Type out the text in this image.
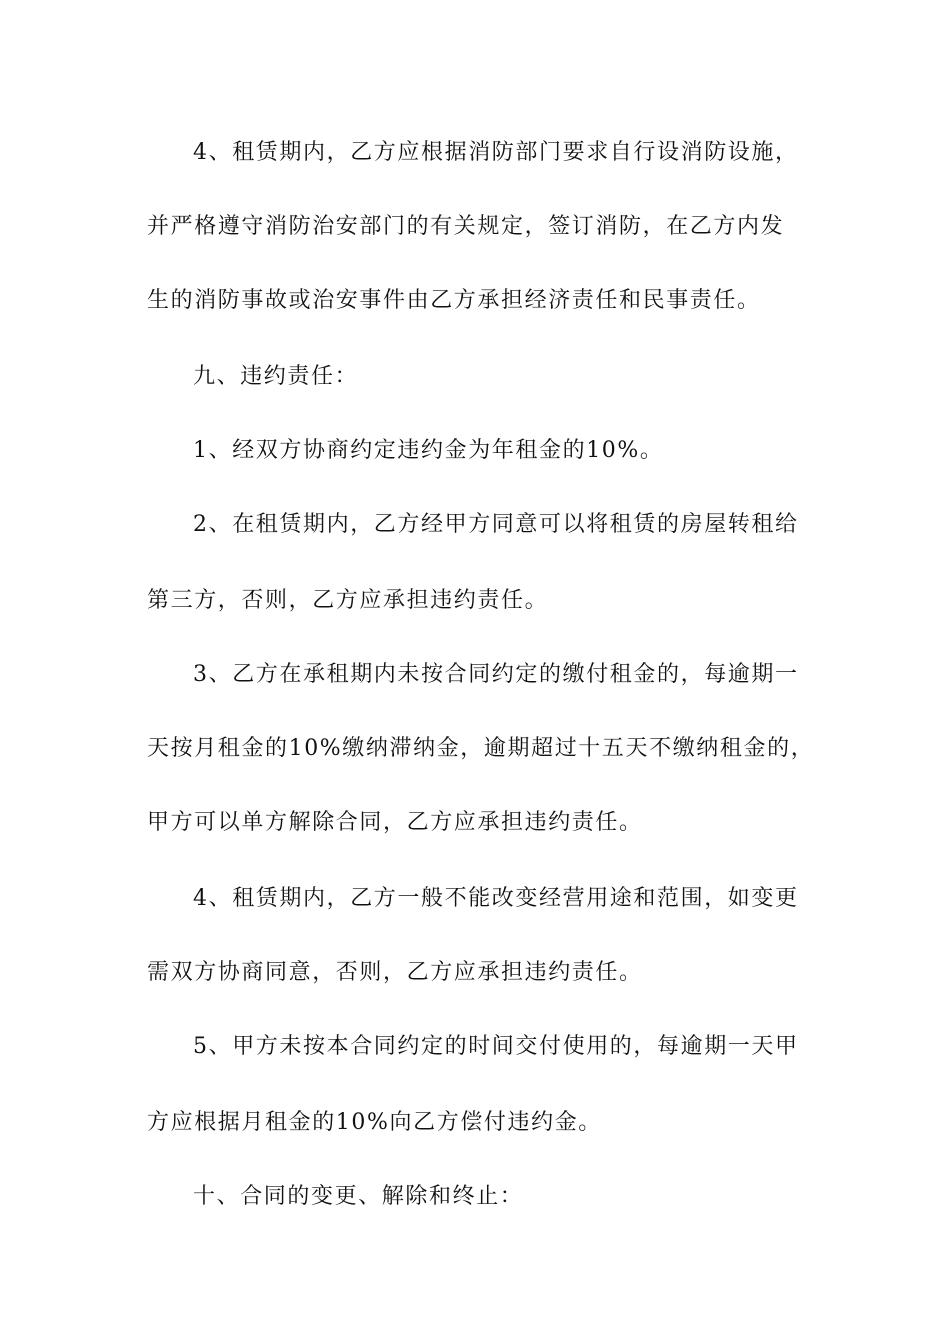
4、租赁期内，乙方应根据消防部门要求自行设消防设施，
并严格遵守消防治安部门的有关规定，签订消防，在乙方内发
生的消防事故或治安事件由乙方承担经济责任和民事责任。
九、违约责任：
1、经双方协商约定违约金为年租金的10%。
2、在租赁期内，乙方经甲方同意可以将租赁的房屋转租给
第三方，否则，乙方应承担违约责任。
3、乙方在承租期内未按合同约定的缴付租金的，每逾期一
天按月租金的10%缴纳滞纳金，逾期超过十五天不缴纳租金的，
甲方可以单方解除合同，乙方应承担违约责任。
4、租赁期内，乙方一般不能改变经营用途和范围，如变更
需双方协商同意，否则，乙方应承担违约责任。
5、甲方未按本合同约定的时间交付使用的，每逾期一天甲
方应根据月租金的10%向乙方偿付违约金。
十、合同的变更、解除和终止：
